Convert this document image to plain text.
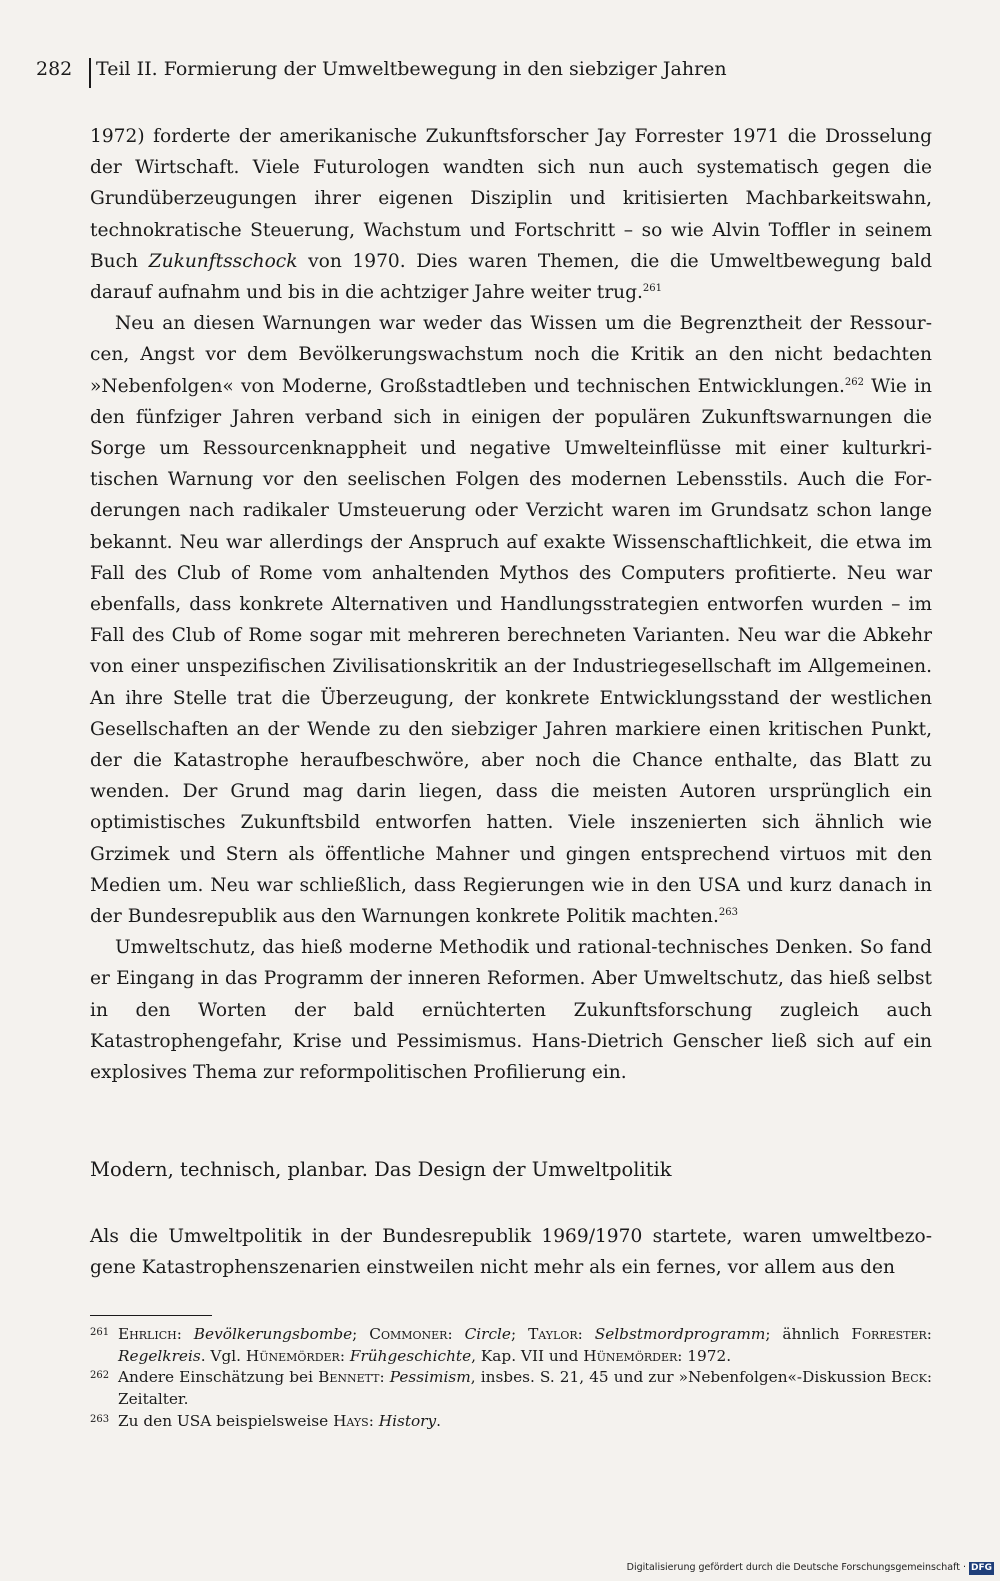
282 Teil II. Formierung der Umweltbewegung in den siebziger Jahren

1972) forderte der amerikanische Zukunftsforscher Jay Forrester 1971 die Drosselung der Wirtschaft. Viele Futurologen wandten sich nun auch systematisch gegen die Grundüberzeugungen ihrer eigenen Disziplin und kritisierten Machbarkeitswahn, technokratische Steuerung, Wachstum und Fortschritt – so wie Alvin Toffler in seinem Buch Zukunftsschock von 1970. Dies waren Themen, die die Umweltbewegung bald darauf aufnahm und bis in die achtziger Jahre weiter trug.$^{261}$

Neu an diesen Warnungen war weder das Wissen um die Begrenztheit der Ressourcen, Angst vor dem Bevölkerungswachstum noch die Kritik an den nicht bedachten »Nebenfolgen« von Moderne, Großstadtleben und technischen Entwicklungen.$^{262}$ Wie in den fünfziger Jahren verband sich in einigen der populären Zukunftswarnungen die Sorge um Ressourcenknappheit und negative Umwelteinflüsse mit einer kulturkritischen Warnung vor den seelischen Folgen des modernen Lebensstils. Auch die Forderungen nach radikaler Umsteuerung oder Verzicht waren im Grundsatz schon lange bekannt. Neu war allerdings der Anspruch auf exakte Wissenschaftlichkeit, die etwa im Fall des Club of Rome vom anhaltenden Mythos des Computers profitierte. Neu war ebenfalls, dass konkrete Alternativen und Handlungsstrategien entworfen wurden – im Fall des Club of Rome sogar mit mehreren berechneten Varianten. Neu war die Abkehr von einer unspezifischen Zivilisationskritik an der Industriegesellschaft im Allgemeinen. An ihre Stelle trat die Überzeugung, der konkrete Entwicklungsstand der westlichen Gesellschaften an der Wende zu den siebziger Jahren markiere einen kritischen Punkt, der die Katastrophe heraufbeschwöre, aber noch die Chance enthalte, das Blatt zu wenden. Der Grund mag darin liegen, dass die meisten Autoren ursprünglich ein optimistisches Zukunftsbild entworfen hatten. Viele inszenierten sich ähnlich wie Grzimek und Stern als öffentliche Mahner und gingen entsprechend virtuos mit den Medien um. Neu war schließlich, dass Regierungen wie in den USA und kurz danach in der Bundesrepublik aus den Warnungen konkrete Politik machten.$^{263}$

Umweltschutz, das hieß moderne Methodik und rational-technisches Denken. So fand er Eingang in das Programm der inneren Reformen. Aber Umweltschutz, das hieß selbst in den Worten der bald ernüchterten Zukunftsforschung zugleich auch Katastrophengefahr, Krise und Pessimismus. Hans-Dietrich Genscher ließ sich auf ein explosives Thema zur reformpolitischen Profilierung ein.

Modern, technisch, planbar. Das Design der Umweltpolitik

Als die Umweltpolitik in der Bundesrepublik 1969/1970 startete, waren umweltbezogene Katastrophenszenarien einstweilen nicht mehr als ein fernes, vor allem aus den

261 Ehrlich: Bevölkerungsbombe; Commoner: Circle; Taylor: Selbstmordprogramm; ähnlich Forrester: Regelkreis. Vgl. Hünemörder: Frühgeschichte, Kap. VII und Hünemörder: 1972.

262 Andere Einschätzung bei Bennett: Pessimism, insbes. S. 21, 45 und zur »Nebenfolgen«-Diskussion Beck: Zeitalter.

263 Zu den USA beispielsweise Hays: History.

Digitalisierung gefördert durch die Deutsche Forschungsgemeinschaft · DFG
